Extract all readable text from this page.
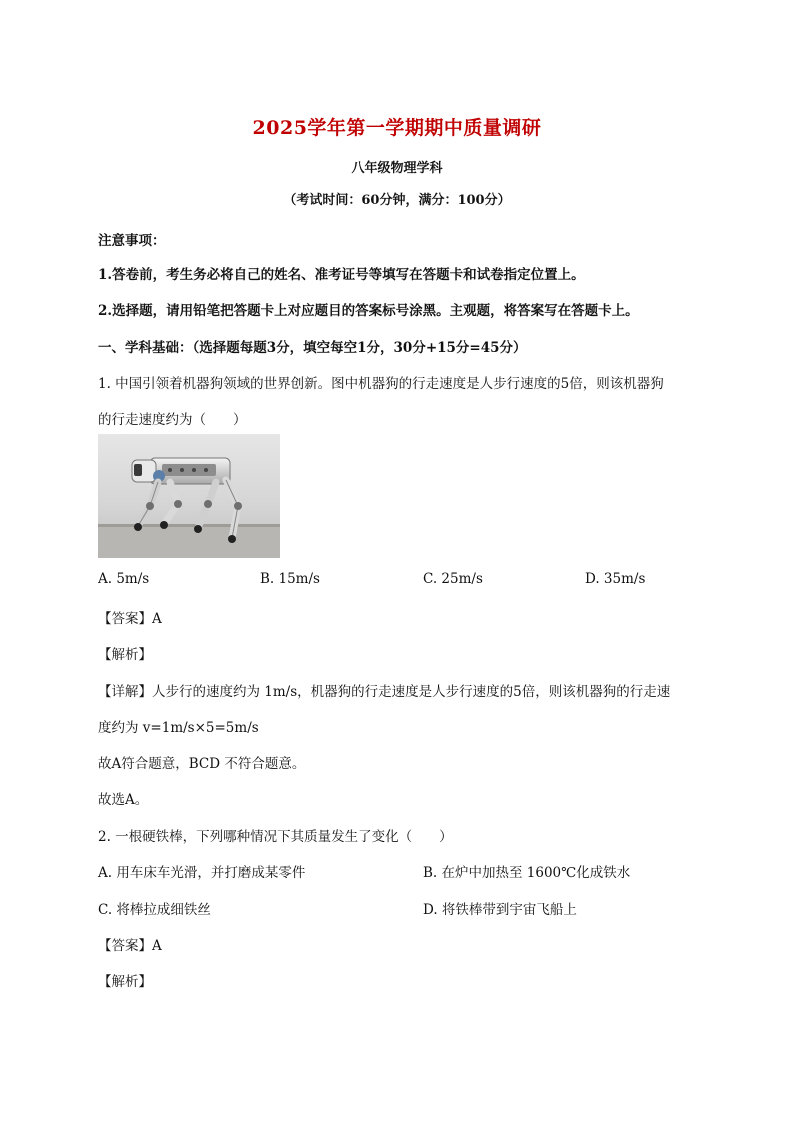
2025学年第一学期期中质量调研
八年级物理学科
（考试时间：60分钟，满分：100分）
注意事项：
1.答卷前，考生务必将自己的姓名、准考证号等填写在答题卡和试卷指定位置上。
2.选择题，请用铅笔把答题卡上对应题目的答案标号涂黑。主观题，将答案写在答题卡上。
一、学科基础：（选择题每题3分，填空每空1分，30分+15分=45分）
1. 中国引领着机器狗领域的世界创新。图中机器狗的行走速度是人步行速度的5倍，则该机器狗
的行走速度约为（　　）
A. 5m/s	B. 15m/s	C. 25m/s	D. 35m/s
【答案】A
【解析】
【详解】人步行的速度约为 1m/s，机器狗的行走速度是人步行速度的5倍，则该机器狗的行走速
度约为 v=1m/s×5=5m/s
故A符合题意，BCD 不符合题意。
故选A。
2. 一根硬铁棒，下列哪种情况下其质量发生了变化（　　）
A. 用车床车光滑，并打磨成某零件	B. 在炉中加热至 1600℃化成铁水
C. 将棒拉成细铁丝	D. 将铁棒带到宇宙飞船上
【答案】A
【解析】
